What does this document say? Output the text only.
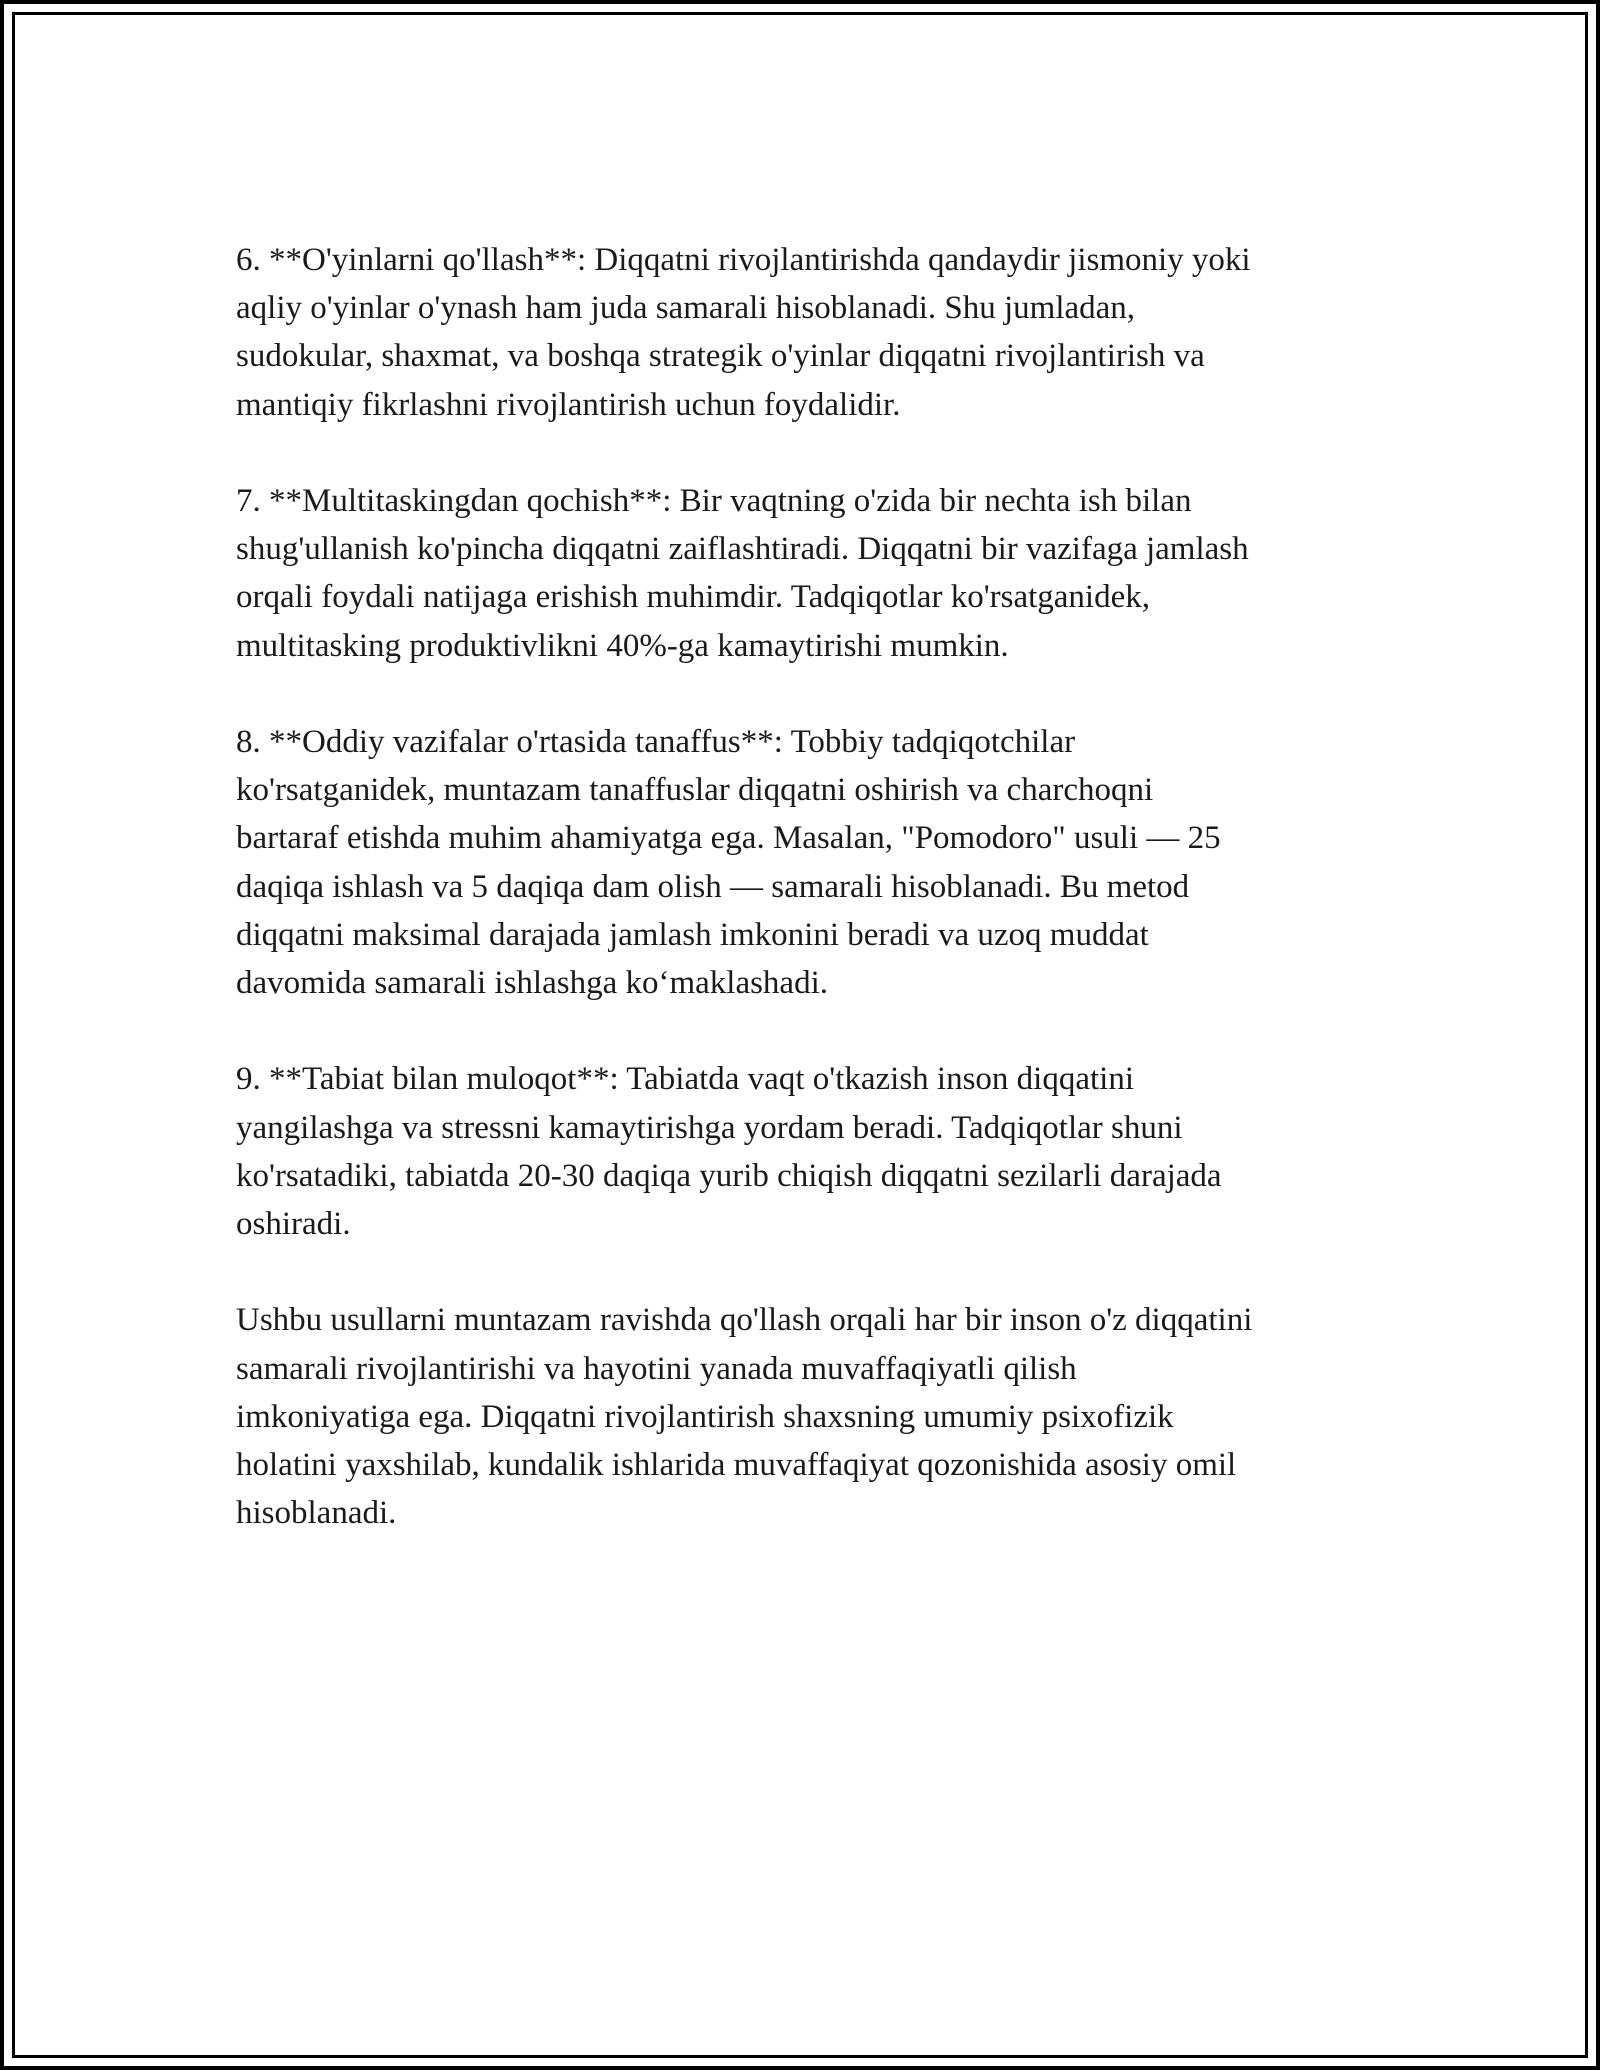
6. **O'yinlarni qo'llash**: Diqqatni rivojlantirishda qandaydir jismoniy yoki
aqliy o'yinlar o'ynash ham juda samarali hisoblanadi. Shu jumladan,
sudokular, shaxmat, va boshqa strategik o'yinlar diqqatni rivojlantirish va
mantiqiy fikrlashni rivojlantirish uchun foydalidir.

7. **Multitaskingdan qochish**: Bir vaqtning o'zida bir nechta ish bilan
shug'ullanish ko'pincha diqqatni zaiflashtiradi. Diqqatni bir vazifaga jamlash
orqali foydali natijaga erishish muhimdir. Tadqiqotlar ko'rsatganidek,
multitasking produktivlikni 40%-ga kamaytirishi mumkin.

8. **Oddiy vazifalar o'rtasida tanaffus**: Tobbiy tadqiqotchilar
ko'rsatganidek, muntazam tanaffuslar diqqatni oshirish va charchoqni
bartaraf etishda muhim ahamiyatga ega. Masalan, "Pomodoro" usuli — 25
daqiqa ishlash va 5 daqiqa dam olish — samarali hisoblanadi. Bu metod
diqqatni maksimal darajada jamlash imkonini beradi va uzoq muddat
davomida samarali ishlashga ko‘maklashadi.

9. **Tabiat bilan muloqot**: Tabiatda vaqt o'tkazish inson diqqatini
yangilashga va stressni kamaytirishga yordam beradi. Tadqiqotlar shuni
ko'rsatadiki, tabiatda 20-30 daqiqa yurib chiqish diqqatni sezilarli darajada
oshiradi.

Ushbu usullarni muntazam ravishda qo'llash orqali har bir inson o'z diqqatini
samarali rivojlantirishi va hayotini yanada muvaffaqiyatli qilish
imkoniyatiga ega. Diqqatni rivojlantirish shaxsning umumiy psixofizik
holatini yaxshilab, kundalik ishlarida muvaffaqiyat qozonishida asosiy omil
hisoblanadi.
